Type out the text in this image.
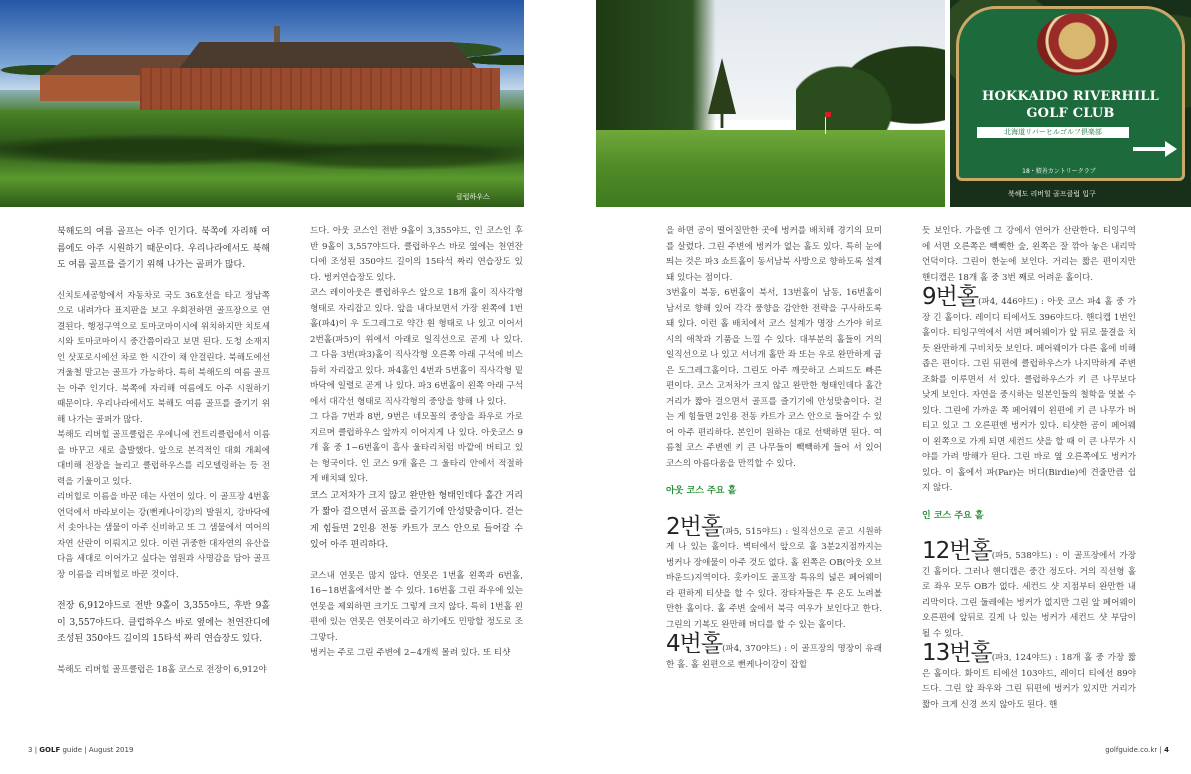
클럽하우스
HOKKAIDO RIVERHILL
GOLF CLUB
北海道リバーヒルゴルフ倶楽部
18・積善カントリークラブ
북해도 리버힐 골프클럽 입구

북해도의 여름 골프는 아주 인기다. 북쪽에 자리해 여름에도 아주 시원하기 때문이다. 우리나라에서도 북해도 여름 골프를 즐기기 위해 나가는 골퍼가 많다.

신치토세공항에서 자동차로 국도 36호선을 타고 정남쪽으로 내려가다 표지판을 보고 우회전하면 골프장으로 연결된다. 행정구역으로 토마코마이시에 위치하지만 치토세시와 토마코마이시 중간쯤이라고 보면 된다. 도청 소재지인 삿포로시에선 차로 한 시간이 채 안걸린다. 북해도에선 겨울철 말고는 골프가 가능하다. 특히 북해도의 여름 골프는 아주 인기다. 북쪽에 자리해 여름에도 아주 시원하기 때문이다. 우리나라에서도 북해도 여름 골프를 즐기기 위해 나가는 골퍼가 많다.

북해도 리버힐 골프클럽은 우에니에 컨트리클럽에서 이름을 바꾸고 새로 출발했다. 앞으로 본격적인 대회 개최에 대비해 전장을 늘리고 클럽하우스를 리모델링하는 등 전력을 기울이고 있다.

리버힐로 이름을 바꾼 데는 사연이 있다. 이 골프장 4번홀 언덕에서 바라보이는 강(뻔케나이강)의 발원지, 강바닥에서 솟아나는 샘물이 아주 신비하고 또 그 샘물에서 여어의 자연 산란이 이뤄지고 있다. 이런 귀중한 대자연의 유산을 다음 세대로 이어가고 싶다는 염원과 사명감을 담아 골프장 이름을 리버힐로 바꾼 것이다.

전장 6,912야드로 전반 9홀이 3,355야드, 후반 9홀이 3,557야드다. 클럽하우스 바로 옆에는 천연잔디에 조성된 350야드 길이의 15타석 짜리 연습장도 있다.

북해도 리버힐 골프클럽은 18홀 코스로 전장이 6,912야

드다. 아웃 코스인 전반 9홀이 3,355야드, 인 코스인 후반 9홀이 3,557야드다. 클럽하우스 바로 옆에는 천연잔디에 조성된 350야드 길이의 15타석 짜리 연습장도 있다. 벙커연습장도 있다.

코스 레이아웃은 클럽하우스 앞으로 18개 홀이 직사각형 형태로 자리잡고 있다. 앞을 내다보면서 가장 왼쪽에 1번홀(파4)이 우 도그레그로 약간 휜 형태로 나 있고 이어서 2번홀(파5)이 위에서 아래로 일직선으로 곧게 나 있다. 그 다음 3번(파3)홀이 직사각형 오른쪽 아래 구석에 비스듬히 자리잡고 있다. 파4홀인 4번과 5번홀이 직사각형 밑바닥에 일렬로 곧게 나 있다. 파3 6번홀이 왼쪽 아래 구석에서 대각선 형태로 직사각형의 중앙을 향해 나 있다.

그 다음 7번과 8번, 9번은 네모꼴의 중앙을 좌우로 가로지르며 클럽하우스 앞까지 이어지게 나 있다. 아웃코스 9개 홀 중 1~6번홀이 흡사 울타리처럼 바깥에 버티고 있는 형국이다. 인 코스 9개 홀은 그 울타리 안에서 적절하게 배치돼 있다.

코스 고저차가 크지 않고 완만한 형태인데다 홀간 거리가 짧아 걸으면서 골프를 즐기기에 안성맞춤이다. 걷는 게 힘들면 2인용 전동 카트가 코스 안으로 들어갈 수 있어 아주 편리하다.

코스내 연못은 많지 않다. 연못은 1번홀 왼쪽과 6번홀, 16~18번홀에서만 볼 수 있다. 16번홀 그린 좌우에 있는 연못을 제외하면 크기도 그렇게 크지 않다. 특히 1번홀 왼편에 있는 연못은 연못이라고 하기에도 민망할 정도로 조그맣다.

벙커는 주로 그린 주변에 2~4개씩 몰려 있다. 또 티샷

을 하면 공이 떨어질만한 곳에 벙커를 배치해 경기의 묘미를 살렸다. 그린 주변에 벙커가 없는 홀도 있다. 특히 눈에 띄는 것은 파3 쇼트홀이 동서남북 사방으로 향하도록 설계돼 있다는 점이다.

3번홀이 북동, 6번홀이 북서, 13번홀이 남동, 16번홀이 남서로 향해 있어 각각 풍향을 감안한 전략을 구사하도록 돼 있다. 이런 홀 배치에서 코스 설계가 명장 스가야 히로시의 애착과 기품을 느낄 수 있다. 대부분의 홀들이 거의 일직선으로 나 있고 서너개 홀만 좌 또는 우로 완만하게 굽은 도그레그홀이다. 그린도 아주 깨끗하고 스피드도 빠른 편이다. 코스 고저차가 크지 않고 완만한 형태인데다 홀간 거리가 짧아 걸으면서 골프를 즐기기에 안성맞춤이다. 걷는 게 힘들면 2인용 전동 카트가 코스 안으로 들어갈 수 있어 아주 편리하다. 본인이 원하는 대로 선택하면 된다. 여름철 코스 주변엔 키 큰 나무들이 빽빽하게 들어 서 있어 코스의 아름다움을 만끽할 수 있다.

아웃 코스 주요 홀

2번홀(파5, 515야드) : 일직선으로 곧고 시원하게 나 있는 홀이다. 벽터에서 앞으로 홀 3분2지점까지는 벙커나 장애물이 아주 것도 없다. 홀 왼쪽은 OB(아웃 오브 바운드)지역이다. 홋카이도 골프장 특유의 넓은 페어웨이라 편하게 티샷을 할 수 있다. 장타자들은 투 온도 노려볼만한 홀이다. 홀 주변 숲에서 북극 여우가 보인다고 한다. 그린의 기복도 완만해 버디를 할 수 있는 홀이다.

4번홀(파4, 370야드) : 이 골프장의 명장이 유래한 홀. 홀 왼편으로 뻔케나이강이 잡힐

듯 보인다. 가을엔 그 강에서 연어가 산란한다. 티잉구역에 서면 오른쪽은 빽빽한 숲, 왼쪽은 잘 깎아 놓은 내리막 언덕이다. 그린이 한눈에 보인다. 거리는 짧은 편이지만 핸디캡은 18개 홀 중 3번 째로 어려운 홀이다.

9번홀(파4, 446야드) : 아웃 코스 파4 홀 중 가장 긴 홀이다. 레이디 티에서도 396야드다. 핸디캡 1번인 홀이다. 티잉구역에서 서면 페어웨이가 앞 뒤로 물결을 치듯 완만하게 구비치듯 보인다. 페어웨이가 다른 홀에 비해 좁은 편이다. 그린 뒤편에 클럽하우스가 나지막하게 주변 조화를 이루면서 서 있다. 클럽하우스가 키 큰 나무보다 낮게 보인다. 자연을 중시하는 일본인들의 철학을 엿볼 수 있다. 그린에 가까운 쪽 페어웨이 왼편에 키 큰 나무가 버티고 있고 그 오른편엔 벙커가 있다. 티샷한 공이 페어웨이 왼쪽으로 가게 되면 세컨드 샷을 할 때 이 큰 나무가 시야를 가려 방해가 된다. 그린 바로 옆 오른쪽에도 벙커가 있다. 이 홀에서 파(Par)는 버디(Birdie)에 견줄만큼 쉽지 않다.

인 코스 주요 홀

12번홀(파5, 538야드) : 이 골프장에서 가장 긴 홀이다. 그러나 핸디캡은 중간 정도다. 거의 직선형 홀로 좌우 모두 OB가 없다. 세컨드 샷 지점부터 완만한 내리막이다. 그린 둘레에는 벙커가 없지만 그린 앞 페어웨이 오른편에 앞뒤로 길게 나 있는 벙커가 세컨드 샷 부담이 될 수 있다.

13번홀(파3, 124야드) : 18개 홀 중 가장 짧은 홀이다. 화이트 티에선 103야드, 레이디 티에선 89야드다. 그린 앞 좌우와 그린 뒤편에 벙커가 있지만 거리가 짧아 크게 신경 쓰지 않아도 된다. 핸

3 | GOLF guide | August 2019	golfguide.co.kr | 4
